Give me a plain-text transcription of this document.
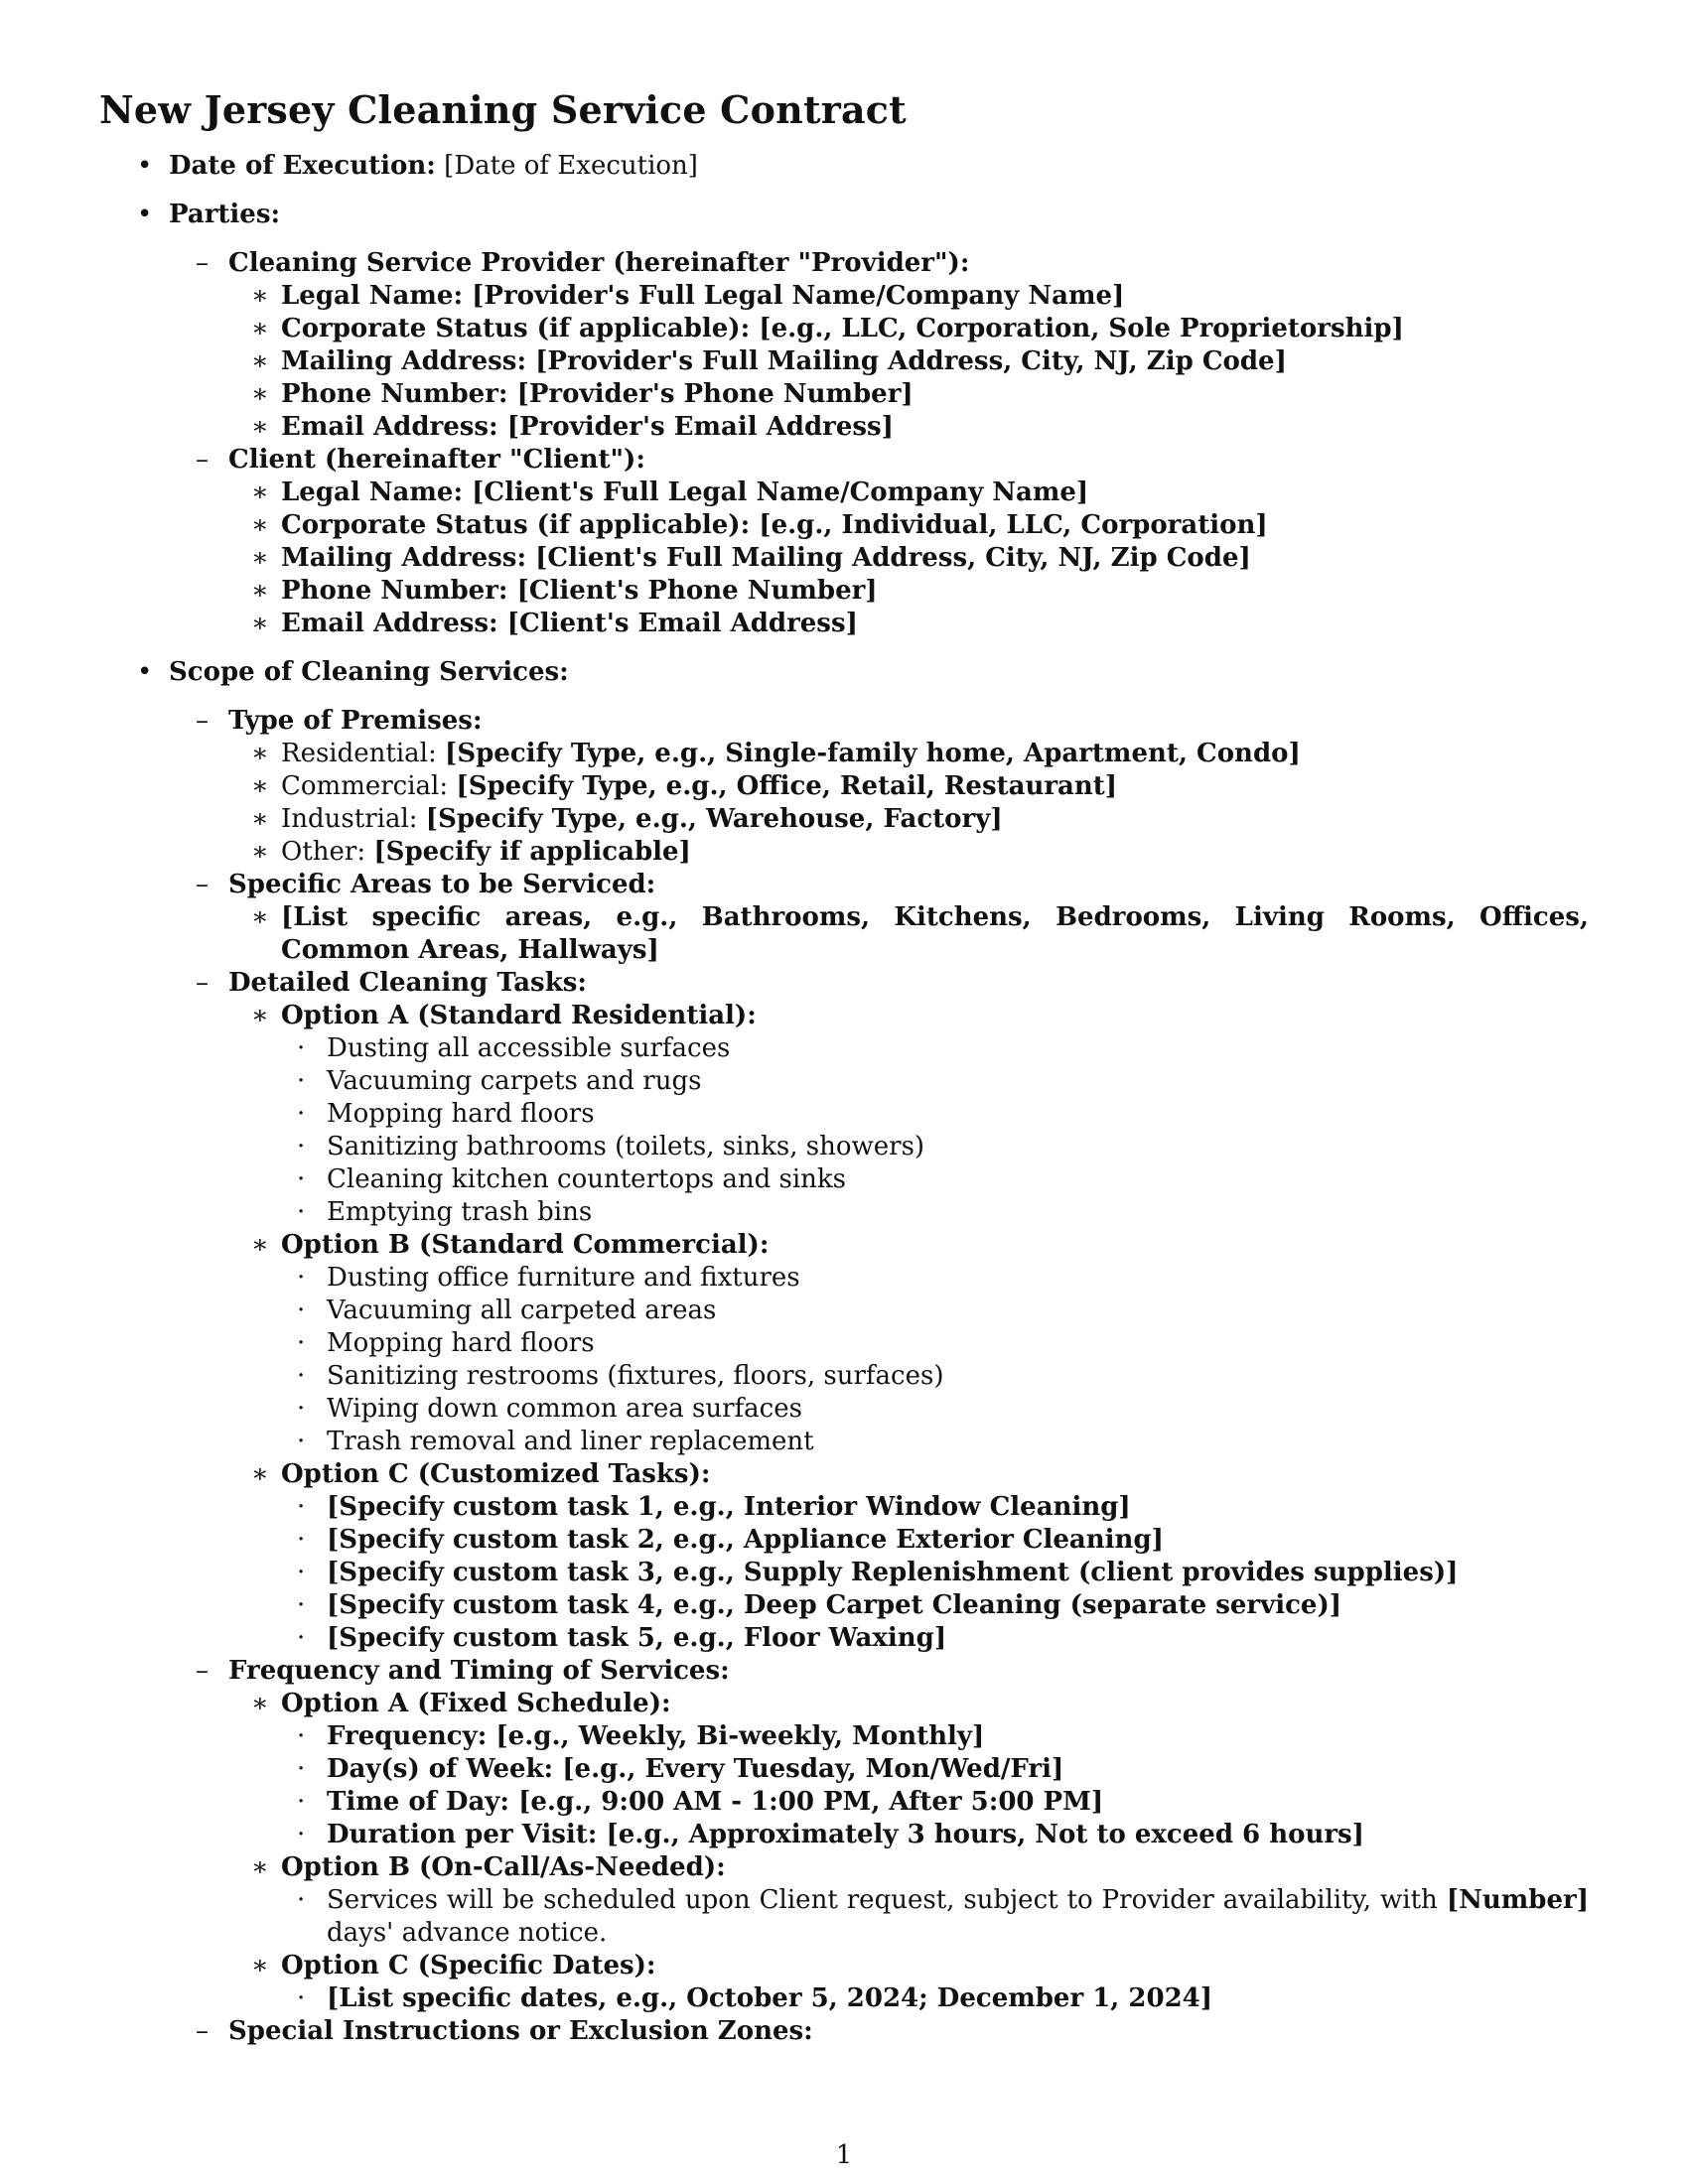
New Jersey Cleaning Service Contract
• Date of Execution: [Date of Execution]
• Parties:
– Cleaning Service Provider (hereinafter "Provider"):
∗ Legal Name: [Provider's Full Legal Name/Company Name]
∗ Corporate Status (if applicable): [e.g., LLC, Corporation, Sole Proprietorship]
∗ Mailing Address: [Provider's Full Mailing Address, City, NJ, Zip Code]
∗ Phone Number: [Provider's Phone Number]
∗ Email Address: [Provider's Email Address]
– Client (hereinafter "Client"):
∗ Legal Name: [Client's Full Legal Name/Company Name]
∗ Corporate Status (if applicable): [e.g., Individual, LLC, Corporation]
∗ Mailing Address: [Client's Full Mailing Address, City, NJ, Zip Code]
∗ Phone Number: [Client's Phone Number]
∗ Email Address: [Client's Email Address]
• Scope of Cleaning Services:
– Type of Premises:
∗ Residential: [Specify Type, e.g., Single-family home, Apartment, Condo]
∗ Commercial: [Specify Type, e.g., Office, Retail, Restaurant]
∗ Industrial: [Specify Type, e.g., Warehouse, Factory]
∗ Other: [Specify if applicable]
– Specific Areas to be Serviced:
∗ [List specific areas, e.g., Bathrooms, Kitchens, Bedrooms, Living Rooms, Offices, Common Areas, Hallways]
– Detailed Cleaning Tasks:
∗ Option A (Standard Residential):
· Dusting all accessible surfaces
· Vacuuming carpets and rugs
· Mopping hard floors
· Sanitizing bathrooms (toilets, sinks, showers)
· Cleaning kitchen countertops and sinks
· Emptying trash bins
∗ Option B (Standard Commercial):
· Dusting office furniture and fixtures
· Vacuuming all carpeted areas
· Mopping hard floors
· Sanitizing restrooms (fixtures, floors, surfaces)
· Wiping down common area surfaces
· Trash removal and liner replacement
∗ Option C (Customized Tasks):
· [Specify custom task 1, e.g., Interior Window Cleaning]
· [Specify custom task 2, e.g., Appliance Exterior Cleaning]
· [Specify custom task 3, e.g., Supply Replenishment (client provides supplies)]
· [Specify custom task 4, e.g., Deep Carpet Cleaning (separate service)]
· [Specify custom task 5, e.g., Floor Waxing]
– Frequency and Timing of Services:
∗ Option A (Fixed Schedule):
· Frequency: [e.g., Weekly, Bi-weekly, Monthly]
· Day(s) of Week: [e.g., Every Tuesday, Mon/Wed/Fri]
· Time of Day: [e.g., 9:00 AM - 1:00 PM, After 5:00 PM]
· Duration per Visit: [e.g., Approximately 3 hours, Not to exceed 6 hours]
∗ Option B (On-Call/As-Needed):
· Services will be scheduled upon Client request, subject to Provider availability, with [Number] days' advance notice.
∗ Option C (Specific Dates):
· [List specific dates, e.g., October 5, 2024; December 1, 2024]
– Special Instructions or Exclusion Zones:
1
